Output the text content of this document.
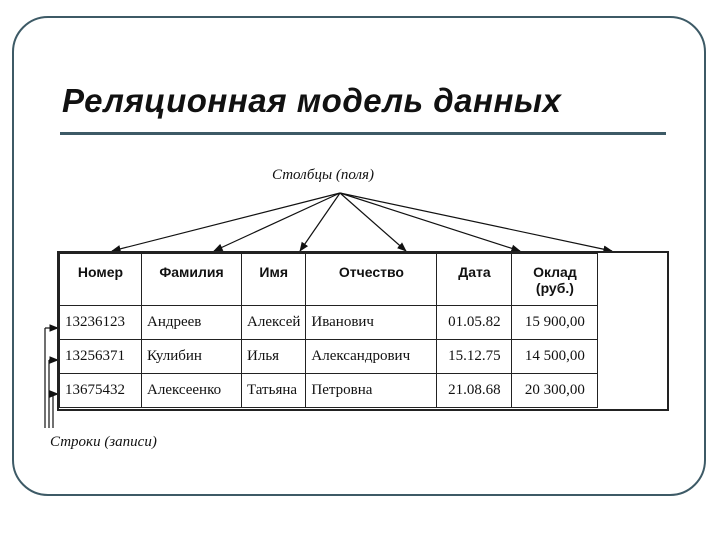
Реляционная модель данных
Столбцы (поля)
Номер	Фамилия	Имя	Отчество	Дата	Оклад (руб.)
13236123	Андреев	Алексей	Иванович	01.05.82	15 900,00
13256371	Кулибин	Илья	Александрович	15.12.75	14 500,00
13675432	Алексеенко	Татьяна	Петровна	21.08.68	20 300,00
Строки (записи)
